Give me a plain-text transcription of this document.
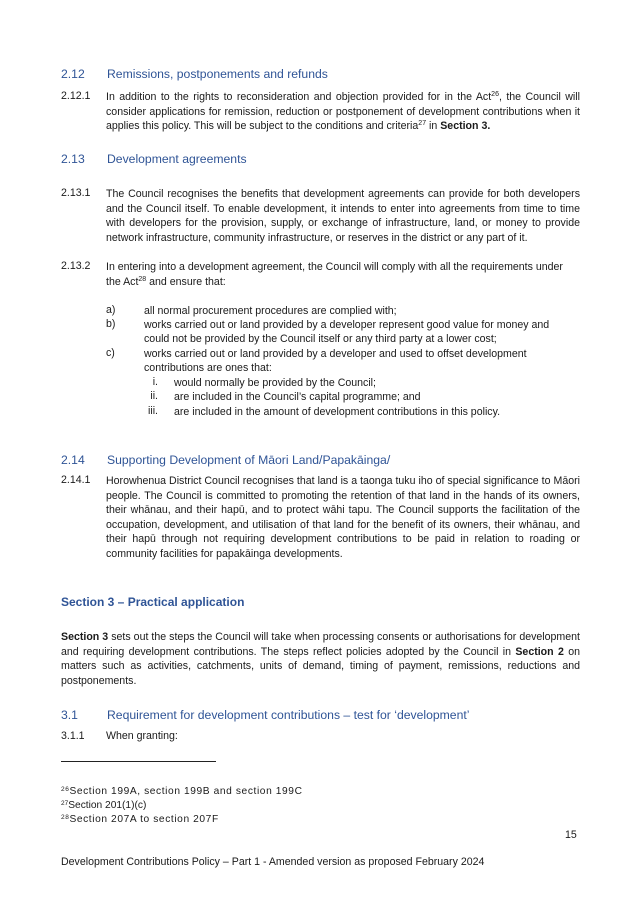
2.12 Remissions, postponements and refunds
2.12.1 In addition to the rights to reconsideration and objection provided for in the Act$^{26}$, the Council will consider applications for remission, reduction or postponement of development contributions when it applies this policy. This will be subject to the conditions and criteria$^{27}$ in Section 3.
2.13 Development agreements
2.13.1 The Council recognises the benefits that development agreements can provide for both developers and the Council itself. To enable development, it intends to enter into agreements from time to time with developers for the provision, supply, or exchange of infrastructure, land, or money to provide network infrastructure, community infrastructure, or reserves in the district or any part of it.
2.13.2 In entering into a development agreement, the Council will comply with all the requirements under the Act$^{28}$ and ensure that:
a)	all normal procurement procedures are complied with;
b)	works carried out or land provided by a developer represent good value for money and
could not be provided by the Council itself or any third party at a lower cost;
c)	works carried out or land provided by a developer and used to offset development
contributions are ones that:
i. would normally be provided by the Council;
ii. are included in the Council’s capital programme; and
iii. are included in the amount of development contributions in this policy.
2.14 Supporting Development of Māori Land/Papakāinga/
2.14.1 Horowhenua District Council recognises that land is a taonga tuku iho of special significance to Māori people. The Council is committed to promoting the retention of that land in the hands of its owners, their whānau, and their hapū, and to protect wāhi tapu. The Council supports the facilitation of the occupation, development, and utilisation of that land for the benefit of its owners, their whānau, and their hapū through not requiring development contributions to be paid in relation to roading or community facilities for papakāinga developments.
Section 3 – Practical application
Section 3 sets out the steps the Council will take when processing consents or authorisations for development and requiring development contributions. The steps reflect policies adopted by the Council in Section 2 on matters such as activities, catchments, units of demand, timing of payment, remissions, reductions and postponements.
3.1 Requirement for development contributions – test for ‘development’
3.1.1 When granting:
$^{26}$Section 199A, section 199B and section 199C
$^{27}$Section 201(1)(c)
$^{28}$Section 207A to section 207F
15
Development Contributions Policy – Part 1 - Amended version as proposed February 2024
